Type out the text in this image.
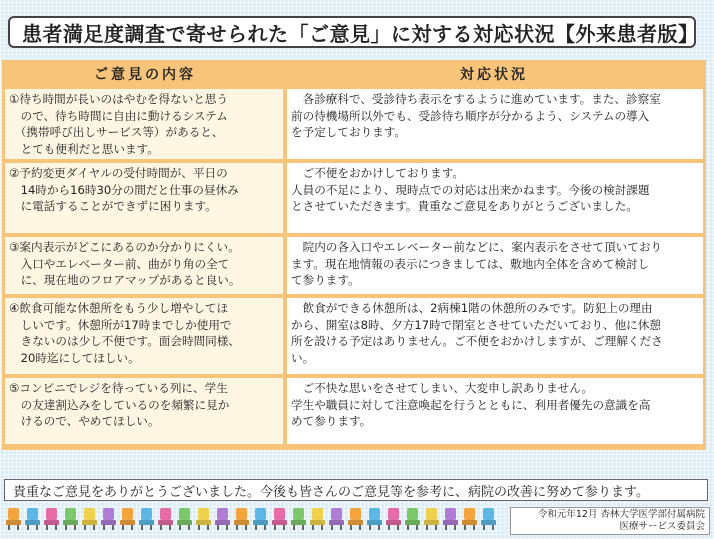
患者満足度調査で寄せられた「ご意見」に対する対応状況【外来患者版】
ご意見の内容	対応状況
①待ち時間が長いのはやむを得ないと思う
　ので、待ち時間に自由に動けるシステム
　（携帯呼び出しサービス等）があると、
　とても便利だと思います。
　各診療科で、受診待ち表示をするように進めています。また、診察室
前の待機場所以外でも、受診待ち順序が分かるよう、システムの導入
を予定しております。
②予約変更ダイヤルの受付時間が、平日の
　14時から16時30分の間だと仕事の昼休み
　に電話することができずに困ります。
　ご不便をおかけしております。
人員の不足により、現時点での対応は出来かねます。今後の検討課題
とさせていただきます。貴重なご意見をありがとうございました。
③案内表示がどこにあるのか分かりにくい。
　入口やエレベーター前、曲がり角の全て
　に、現在地のフロアマップがあると良い。
　院内の各入口やエレベーター前などに、案内表示をさせて頂いており
ます。現在地情報の表示につきましては、敷地内全体を含めて検討し
て参ります。
④飲食可能な休憩所をもう少し増やしてほ
　しいです。休憩所が17時までしか使用で
　きないのは少し不便です。面会時間同様、
　20時迄にしてほしい。
　飲食ができる休憩所は、2病棟1階の休憩所のみです。防犯上の理由
から、開室は8時、夕方17時で閉室とさせていただいており、他に休憩
所を設ける予定はありません。ご不便をおかけしますが、ご理解くださ
い。
⑤コンビニでレジを待っている列に、学生
　の友達割込みをしているのを頻繁に見か
　けるので、やめてほしい。
　ご不快な思いをさせてしまい、大変申し訳ありません。
学生や職員に対して注意喚起を行うとともに、利用者優先の意識を高
めて参ります。
貴重なご意見をありがとうございました。今後も皆さんのご意見等を参考に、病院の改善に努めて参ります。
令和元年12月 杏林大学医学部付属病院
医療サービス委員会
